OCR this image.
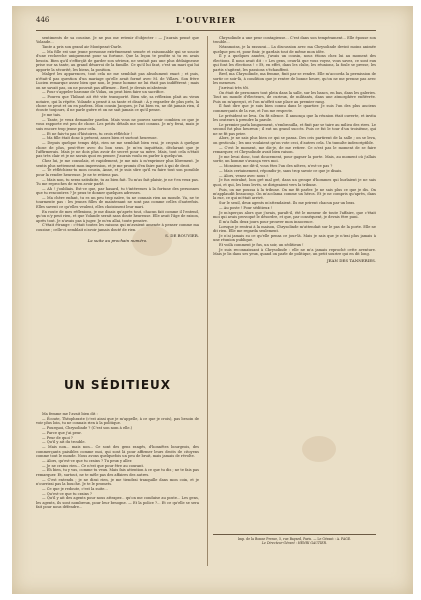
446	L'OUVRIER

sentiments de sa cousine. Je ne pus me retenir d'objecter : — J'aurais pensé que Yolande...

Tante a pris son grand air Montpezat-Darle.

— Ma fille est une jeune personne extrêmement sensée et raisonnable qui se soucie d'une recherche uniquement pour sa fortune. Que la leçon te profite si tu en avais besoin. Bien qu'il s'efforçât de garder son sérieux, ne sentait pas une plus dédaigneuse prise sur sa tante, au grand désarroi de la famille. Ce qu'il lui faut, c'est un mari qui lui apporte la sécurité, les biens, la position.

Malgré les apparences, tout cela ne me semblait pas absolument exact ; et puis, n'était-il pas question d'un mariage qu'elle avait formé avec M. de Villars. Son frère Lucien remarque assez bien que non, le jeune homme ne lui était pas indifférent ; mais on ne savait pas, on ne pouvait pas affirmer... Bref, je devais m'abstenir.

— Pour s'appeler baronne de Vidau, on peut bien faire un sacrifice.

— Pourvu que Thibaut ait été vite transporté. Bien sûr, sa réflexion plait au vieux notaire, qui la répète. Yolande a pensé à sa tante et disait : À y regarder de plus près, la chose se peut et on en parlera. Mon cousin Jacques, je l'ai bien vu, ne dit jamais rien, il écoute toujours, il ne parle guère et on ne sait jamais ce qu'il pense.

Je me tais.

— Tante, je veux demander pardon. Mais vous ne pouvez savoir combien ce que je vous rapporte est peu de chose. Les petits détails me sont connus. Je m'y ferai, mais je suis encore trop jeune pour cela.

— Et ne fais-tu pas d'histoires, tu crois réfléchir !

— Ma fille était donc à présent, assez bien et surtout heureuse.

— Depuis quelque temps déjà, rien ne me semblait bien vrai, je croyais à quelque chose de plus, peut-être avec du bon sens. Je m'en inquiétais, déclarant que je l'affirmerais. Mais je ne dois plus avoir de secret pour sa mère. Mais, tout cela n'était pas très clair et je ne savais quoi en penser. J'aurais voulu en parler à quelqu'un.

Chez lui, je me consolais, et rapidement, je me mis à m'exprimer plus librement. Je sentis plus nettement mon impression, et je me promis d'en faire part à qui de droit.

— Te réfléchiras-tu mon cousin, Anne, et je suis sûre qu'il va faire tout son possible pour la rendre heureuse. Je ne te retiens pas.

— Mais non, tu seras satisfaite, tu as bien fait. Tu m'as fait plaisir, je ne t'en veux pas. Tu me reproches de m'en avoir parlé.

— Ah ! j'oubliais. Est-ce que, par hasard, tu t'intéresses à la fortune des personnes que tu rencontres ? Je peux te donner quelques adresses.

— Ma chère enfant, tu es un peu trop naïve, tu ne connais rien au monde. Va, ne te tourmente pas : les jeunes filles de maintenant ne sont pas comme celles d'autrefois. Elles savent ce qu'elles veulent, elles choisissent leur mari.

En route de mes réflexions, je me disais qu'après tout, chacun fait comme il l'entend, qu'on n'y peut rien, et que Yolande serait sans doute heureuse. Elle avait l'âge de raison, après tout. Je n'avais pas à juger. Je m'en allai, toute pensive.

C'était étrange : c'était toutes les raisons qui m'avaient amenée à penser comme ma cousine ; celle-ci semblait n'avoir jamais douté de rien.

S. DE BOUVIER.
La suite au prochain numéro.
UN SÉDITIEUX

Ma femme me l'avait bien dit :

— Écoute, Théophraste (c'est ainsi que je m'appelle, à ce que je crois), pas besoin de voir plus loin, tu ne connais rien à la politique.

— Pourquoi, Chrysolinde ? (C'est son nom à elle.)

— Parce que j'ai peur.

— Peur de quoi ?

— Qu'il y ait du trouble.

— Mais non... mais non... Ce sont des gens rangés, d'honnêtes bourgeois, des commerçants paisibles comme moi, qui sont là pour affirmer leurs droits de citoyens comme tout le monde. Nous avons quelquefois un peu de bruit, mais jamais de révolte.

— Alors, qu'est-ce que tu crains ? Tu peux y aller.

— Je ne crains rien... Ce n'est que pour être au courant.

— Eh bien, tu y vas, comme tu veux. Mais fais attention à ce que tu dis ; ne te fais pas remarquer. Et, surtout, ne te mêle pas des affaires des autres.

— C'est entendu ; je ne dirai rien, je me tiendrai tranquille dans mon coin, et je n'ouvrirai pas la bouche. Je te le promets.

— Ce que je redoute, c'est la suite...

— Qu'est-ce que tu crains ?

— Qu'il y ait des agents pour nous attraper... qu'on me conduise au poste... Les gens, les agents, ils sont nombreux, pour leur besogne. — Et la police ?... Et ce qu'elle se sera fait pour nous défendre...

Chrysolinde a une peur contagieuse... C'est dans son tempérament... Elle épouse son trouble...

Néanmoins, je la rassurai... La discussion avec ma Chrysolinde devint moins animée quelque peu et, pour finir, je gardais tout de même mon idée.

Il y a quelques années, j'avais un cousin, nous étions chez lui au moment des élections. Il nous avait dit : « Les gens, ceux-là que vous voyez, vous savez, ce sont eux qui font les élections ! » Et, en effet, dans les clubs, les réunions, la foule se presse, les partis s'agitent, les passions s'échauffent.

Bref, ma Chrysolinde, ma femme, finit par se rendre. Elle m'accorda la permission de sortir ce soir-là, à condition que je rentre de bonne heure, qu'on ne me prenne pas avec les meneurs.

J'arrivai très tôt.

On était de personnes tout plein dans la salle, sur les bancs, en bas, dans les galeries. Tout un monde d'électeurs, de curieux, de militants, dans une atmosphère enfiévrée. Puis on m'aperçut, et l'on m'offrit une place au premier rang.

Il faut dire que je suis bien connu dans le quartier. Je suis l'un des plus anciens commerçants de la rue, et l'on me respecte.

Le président se leva. On fit silence. Il annonça que la réunion était ouverte, et invita les orateurs à prendre la parole.

Le premier parla longuement, s'embrouilla, et finit par se taire au milieu des rires. Le second fut plus heureux ; il eut un grand succès. Puis ce fut le tour d'un troisième, qui ne se fit pas prier.

Alors, je ne sais plus bien ce qui se passa. Des cris partirent de la salle ; on se leva, on gesticula ; les uns voulaient qu'on vote ceci, d'autres cela. Un tumulte indescriptible.

— C'est le moment, me dis-je, de me retirer. Ce n'est pas le moment de se faire remarquer, et Chrysolinde avait bien raison.

Je me levai donc, tout doucement, pour gagner la porte. Mais, au moment où j'allais sortir, un homme s'avança vers moi.

— Monsieur, me dit-il, vous êtes l'un des nôtres, n'est-ce pas ?

— Mais certainement, répondis-je, sans trop savoir ce que je disais.

— Alors, venez avec nous !

Je fus entraîné, bon gré mal gré, dans un groupe d'hommes qui hurlaient je ne sais quoi, et qui, les bras levés, se dirigeaient vers la tribune.

Puis, on me poussa à la tribune. On me fit parler. Je ne sais plus ce que je dis. On m'applaudit beaucoup. On m'acclama comme un héros. Et je ne compris qu'après, dans la rue, ce qui m'était arrivé.

Sur le seuil, deux agents m'attendaient. Ils me prirent chacun par un bras.

— Au poste ! Pour séditieux !

Je m'aperçus alors que j'avais, paraît-il, été le meneur de toute l'affaire, que c'était moi qui avais provoqué le désordre, et que, par conséquent, je devais être puni.

Il m'a fallu deux jours pour prouver mon innocence.

Lorsque je rentrai à la maison, Chrysolinde m'attendait sur le pas de la porte. Elle ne dit rien. Elle me regarda seulement.

Je n'ai jamais su ce qu'elle pensa ce jour-là. Mais je sais que je n'irai plus jamais à une réunion publique.

Et voilà comment je fus, un soir, un séditieux !

Je suis reconnaissant à Chrysolinde : elle ne m'a jamais reproché cette aventure. Mais je lis dans ses yeux, quand on parle de politique, un petit sourire qui en dit long.

JEAN DES TANNERIES.
Imp. de la Bonne Presse, 5, rue Bayard, Paris. — Le Gérant : A. FAGE.
Le Directeur-Gérant : HENRI GAUTIER.
